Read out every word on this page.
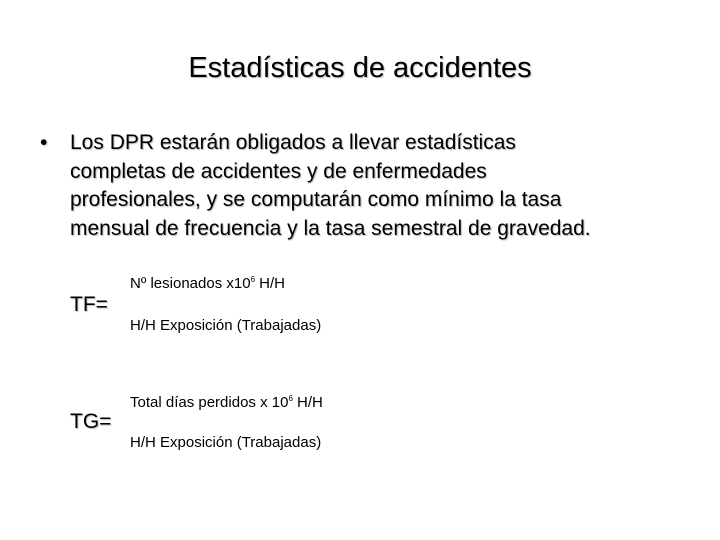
Estadísticas de accidentes
•	Los DPR estarán obligados a llevar estadísticas
completas de accidentes y de enfermedades
profesionales, y se computarán como mínimo la tasa
mensual de frecuencia y la tasa semestral de gravedad.
TF=
Nº lesionados $x10^6$ H/H
H/H Exposición (Trabajadas)
TG=
Total días perdidos x $10^6$ H/H
H/H Exposición (Trabajadas)
